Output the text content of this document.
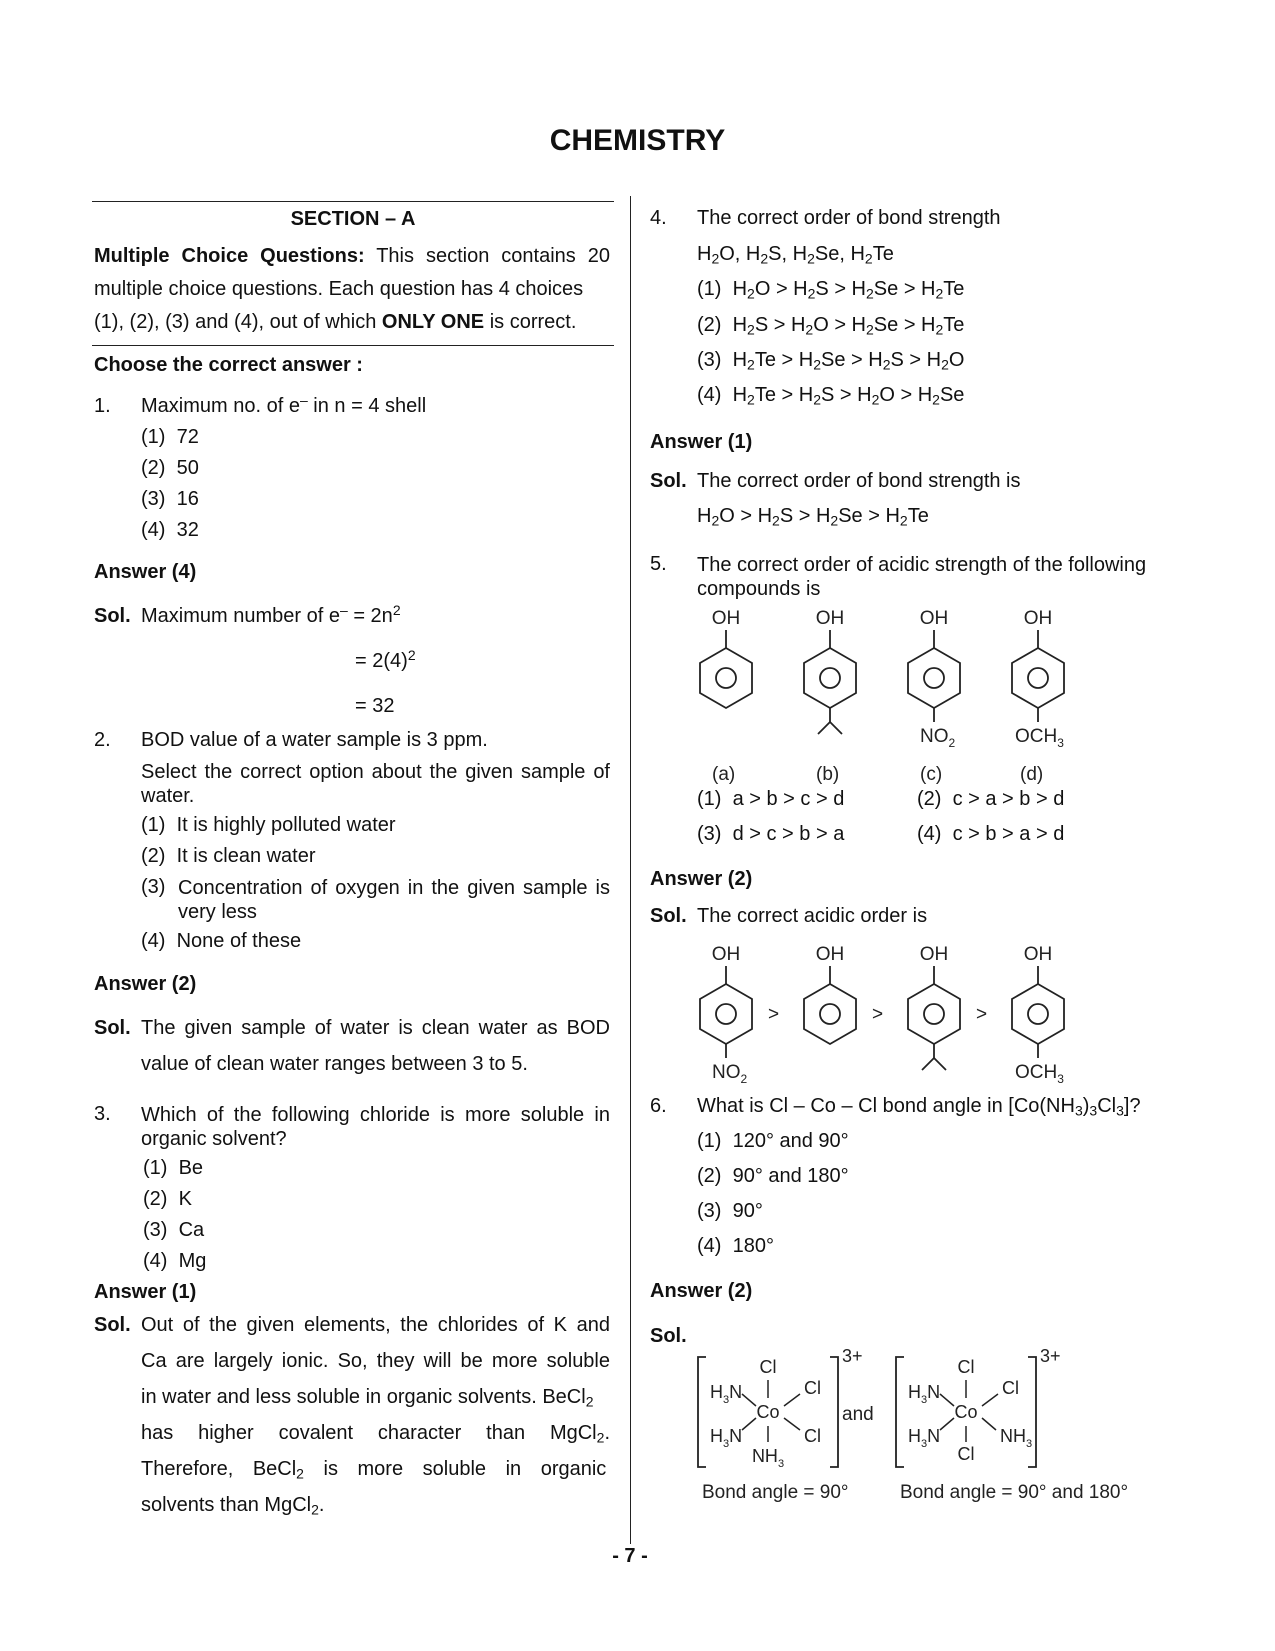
CHEMISTRY
SECTION – A
Multiple Choice Questions: This section contains 20
multiple choice questions. Each question has 4 choices
(1), (2), (3) and (4), out of which ONLY ONE is correct.
Choose the correct answer :
1. Maximum no. of e– in n = 4 shell
(1) 72
(2) 50
(3) 16
(4) 32
Answer (4)
Sol. Maximum number of $e^- = 2n^2$
= $2(4)^2$
= 32
2. BOD value of a water sample is 3 ppm.
Select the correct option about the given sample of water.
(1) It is highly polluted water
(2) It is clean water
(3) Concentration of oxygen in the given sample is very less
(4) None of these
Answer (2)
Sol. The given sample of water is clean water as BOD
value of clean water ranges between 3 to 5.
3. Which of the following chloride is more soluble in organic solvent?
(1) Be
(2) K
(3) Ca
(4) Mg
Answer (1)
Sol. Out of the given elements, the chlorides of K and
Ca are largely ionic. So, they will be more soluble
in water and less soluble in organic solvents. BeCl$_2$
has higher covalent character than MgCl$_2$.
Therefore, BeCl$_2$ is more soluble in organic
solvents than MgCl$_2$.
- 7 -
4. The correct order of bond strength
$H_2O$, $H_2S$, $H_2Se$, $H_2Te$
(1) $H_2O > H_2S > H_2Se > H_2Te$
(2) $H_2S > H_2O > H_2Se > H_2Te$
(3) $H_2Te > H_2Se > H_2S > H_2O$
(4) $H_2Te > H_2S > H_2O > H_2Se$
Answer (1)
Sol. The correct order of bond strength is
$H_2O > H_2S > H_2Se > H_2Te$
5. The correct order of acidic strength of the following compounds is
OH	OH	OH
$NO_2$
OH
$OCH_3$
(a)	(b)	(c)	(d)
(1) a > b > c > d	(2) c > a > b > d
(3) d > c > b > a	(4) c > b > a > d
Answer (2)
Sol. The correct acidic order is
OH
$NO_2$
>
OH
>
OH
>
OH
$OCH_3$
6. What is Cl – Co – Cl bond angle in $[Co(NH_3)_3Cl_3]$?
(1) 120° and 90°
(2) 90° and 180°
(3) 90°
(4) 180°
Answer (2)
Sol.
3+
Cl
Co
$NH_3$
$H_3N$
$H_3N$
Cl
Cl
and
3+
Cl
Co
Cl
$H_3N$
$H_3N$
Cl
$NH_3$
Bond angle = 90°	Bond angle = 90° and 180°
